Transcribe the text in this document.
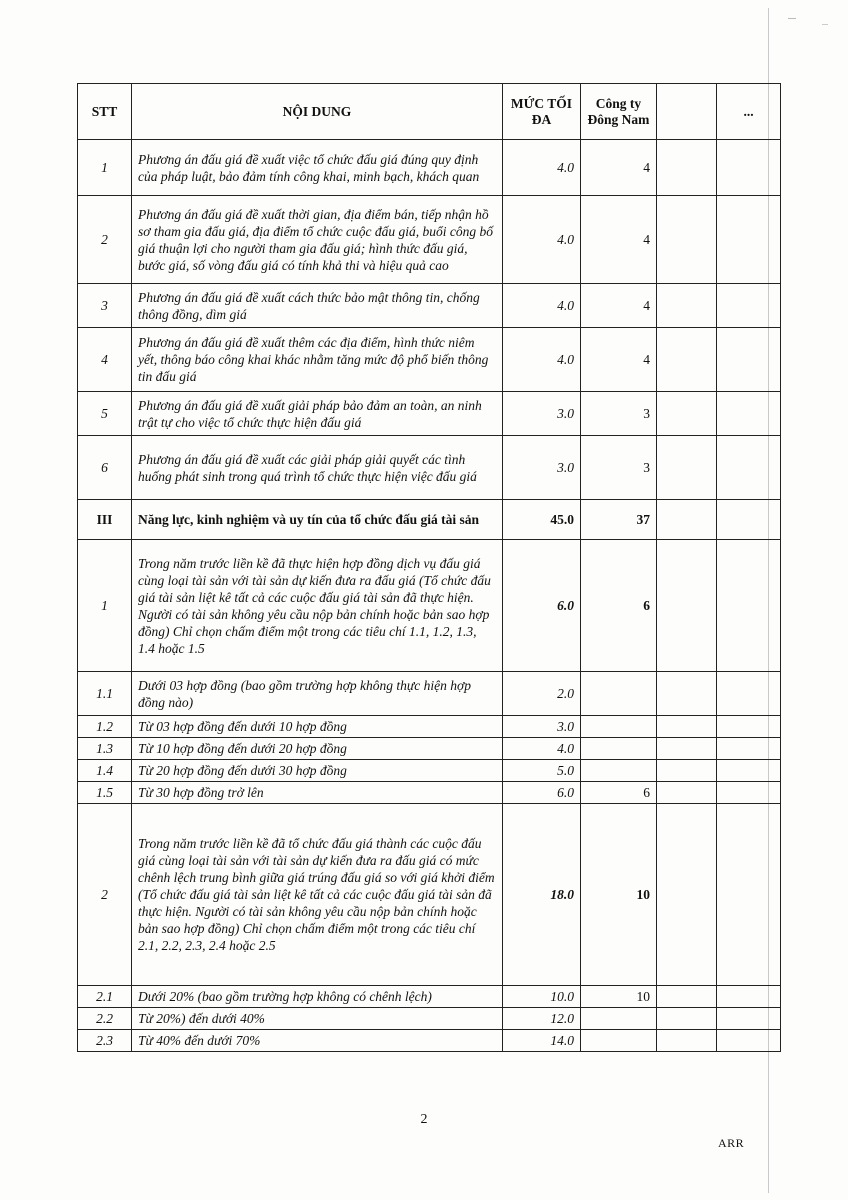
STT	NỘI DUNG	MỨC TỐI ĐA	Công ty Đông Nam		...
1	Phương án đấu giá đề xuất việc tổ chức đấu giá đúng quy định của pháp luật, bảo đảm tính công khai, minh bạch, khách quan	4.0	4		
2	Phương án đấu giá đề xuất thời gian, địa điểm bán, tiếp nhận hồ sơ tham gia đấu giá, địa điểm tổ chức cuộc đấu giá, buổi công bố giá thuận lợi cho người tham gia đấu giá; hình thức đấu giá, bước giá, số vòng đấu giá có tính khả thi và hiệu quả cao	4.0	4		
3	Phương án đấu giá đề xuất cách thức bảo mật thông tin, chống thông đồng, dìm giá	4.0	4		
4	Phương án đấu giá đề xuất thêm các địa điểm, hình thức niêm yết, thông báo công khai khác nhằm tăng mức độ phổ biến thông tin đấu giá	4.0	4		
5	Phương án đấu giá đề xuất giải pháp bảo đảm an toàn, an ninh trật tự cho việc tổ chức thực hiện đấu giá	3.0	3		
6	Phương án đấu giá đề xuất các giải pháp giải quyết các tình huống phát sinh trong quá trình tổ chức thực hiện việc đấu giá	3.0	3		
III	Năng lực, kinh nghiệm và uy tín của tổ chức đấu giá tài sản	45.0	37		
1	Trong năm trước liền kề đã thực hiện hợp đồng dịch vụ đấu giá cùng loại tài sản với tài sản dự kiến đưa ra đấu giá (Tổ chức đấu giá tài sản liệt kê tất cả các cuộc đấu giá tài sản đã thực hiện. Người có tài sản không yêu cầu nộp bản chính hoặc bản sao hợp đồng) Chỉ chọn chấm điểm một trong các tiêu chí 1.1, 1.2, 1.3, 1.4 hoặc 1.5	6.0	6		
1.1	Dưới 03 hợp đồng (bao gồm trường hợp không thực hiện hợp đồng nào)	2.0			
1.2	Từ 03 hợp đồng đến dưới 10 hợp đồng	3.0			
1.3	Từ 10 hợp đồng đến dưới 20 hợp đồng	4.0			
1.4	Từ 20 hợp đồng đến dưới 30 hợp đồng	5.0			
1.5	Từ 30 hợp đồng trở lên	6.0	6		
2	Trong năm trước liền kề đã tổ chức đấu giá thành các cuộc đấu giá cùng loại tài sản với tài sản dự kiến đưa ra đấu giá có mức chênh lệch trung bình giữa giá trúng đấu giá so với giá khởi điểm (Tổ chức đấu giá tài sản liệt kê tất cả các cuộc đấu giá tài sản đã thực hiện. Người có tài sản không yêu cầu nộp bản chính hoặc bản sao hợp đồng) Chỉ chọn chấm điểm một trong các tiêu chí 2.1, 2.2, 2.3, 2.4 hoặc 2.5	18.0	10		
2.1	Dưới 20% (bao gồm trường hợp không có chênh lệch)	10.0	10		
2.2	Từ 20%) đến dưới 40%	12.0			
2.3	Từ 40% đến dưới 70%	14.0			
2
ARR
